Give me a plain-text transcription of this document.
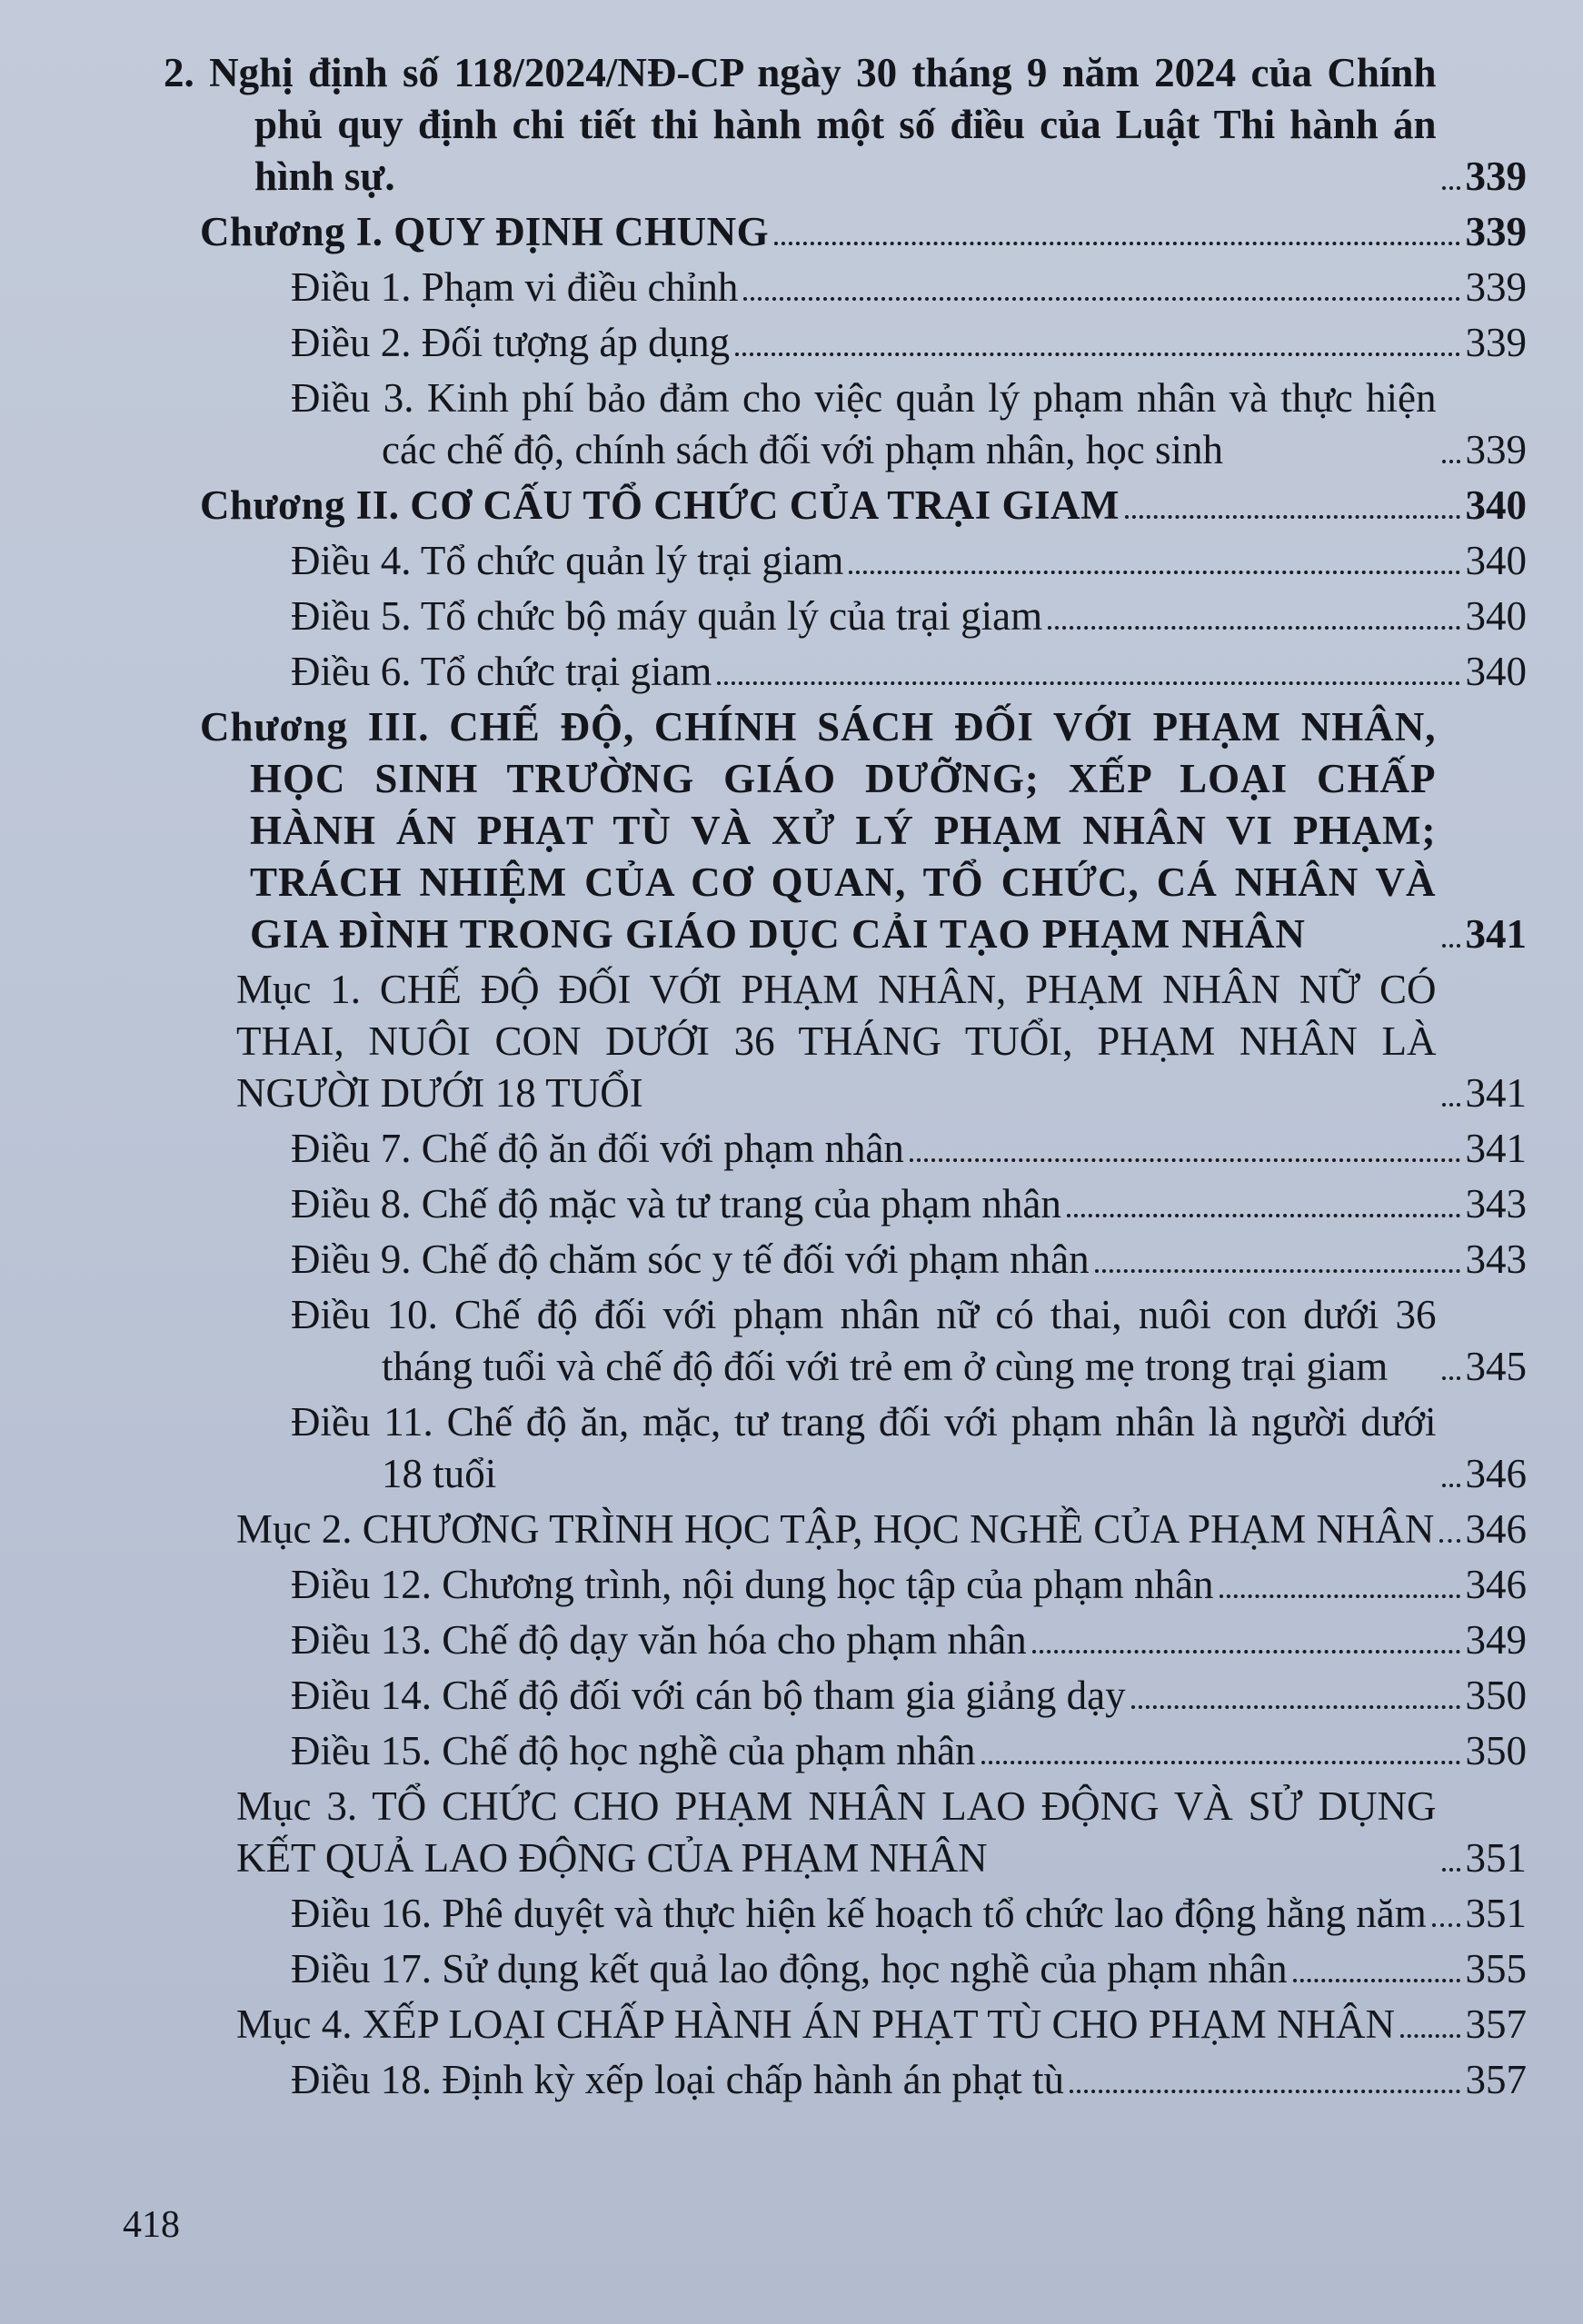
2. Nghị định số 118/2024/NĐ-CP ngày 30 tháng 9 năm 2024 của Chính phủ quy định chi tiết thi hành một số điều của Luật Thi hành án hình sự.	339
Chương I. QUY ĐỊNH CHUNG	339
Điều 1. Phạm vi điều chỉnh	339
Điều 2. Đối tượng áp dụng	339
Điều 3. Kinh phí bảo đảm cho việc quản lý phạm nhân và thực hiện các chế độ, chính sách đối với phạm nhân, học sinh	339
Chương II. CƠ CẤU TỔ CHỨC CỦA TRẠI GIAM	340
Điều 4. Tổ chức quản lý trại giam	340
Điều 5. Tổ chức bộ máy quản lý của trại giam	340
Điều 6. Tổ chức trại giam	340
Chương III. CHẾ ĐỘ, CHÍNH SÁCH ĐỐI VỚI PHẠM NHÂN, HỌC SINH TRƯỜNG GIÁO DƯỠNG; XẾP LOẠI CHẤP HÀNH ÁN PHẠT TÙ VÀ XỬ LÝ PHẠM NHÂN VI PHẠM; TRÁCH NHIỆM CỦA CƠ QUAN, TỔ CHỨC, CÁ NHÂN VÀ GIA ĐÌNH TRONG GIÁO DỤC CẢI TẠO PHẠM NHÂN	341
Mục 1. CHẾ ĐỘ ĐỐI VỚI PHẠM NHÂN, PHẠM NHÂN NỮ CÓ THAI, NUÔI CON DƯỚI 36 THÁNG TUỔI, PHẠM NHÂN LÀ NGƯỜI DƯỚI 18 TUỔI	341
Điều 7. Chế độ ăn đối với phạm nhân	341
Điều 8. Chế độ mặc và tư trang của phạm nhân	343
Điều 9. Chế độ chăm sóc y tế đối với phạm nhân	343
Điều 10. Chế độ đối với phạm nhân nữ có thai, nuôi con dưới 36 tháng tuổi và chế độ đối với trẻ em ở cùng mẹ trong trại giam	345
Điều 11. Chế độ ăn, mặc, tư trang đối với phạm nhân là người dưới 18 tuổi	346
Mục 2. CHƯƠNG TRÌNH HỌC TẬP, HỌC NGHỀ CỦA PHẠM NHÂN 346
Điều 12. Chương trình, nội dung học tập của phạm nhân	346
Điều 13. Chế độ dạy văn hóa cho phạm nhân	349
Điều 14. Chế độ đối với cán bộ tham gia giảng dạy	350
Điều 15. Chế độ học nghề của phạm nhân	350
Mục 3. TỔ CHỨC CHO PHẠM NHÂN LAO ĐỘNG VÀ SỬ DỤNG KẾT QUẢ LAO ĐỘNG CỦA PHẠM NHÂN	351
Điều 16. Phê duyệt và thực hiện kế hoạch tổ chức lao động hằng năm 351
Điều 17. Sử dụng kết quả lao động, học nghề của phạm nhân	355
Mục 4. XẾP LOẠI CHẤP HÀNH ÁN PHẠT TÙ CHO PHẠM NHÂN 357
Điều 18. Định kỳ xếp loại chấp hành án phạt tù	357
418
